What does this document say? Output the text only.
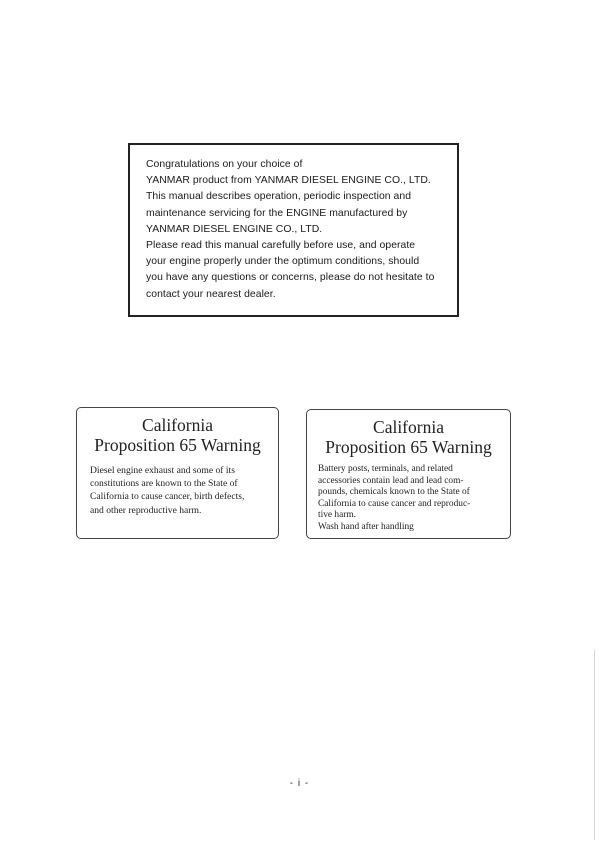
Congratulations on your choice of
YANMAR product from YANMAR DIESEL ENGINE CO., LTD.
This manual describes operation, periodic inspection and
maintenance servicing for the ENGINE manufactured by
YANMAR DIESEL ENGINE CO., LTD.
Please read this manual carefully before use, and operate
your engine properly under the optimum conditions, should
you have any questions or concerns, please do not hesitate to
contact your nearest dealer.

California
Proposition 65 Warning
Diesel engine exhaust and some of its
constitutions are known to the State of
California to cause cancer, birth defects,
and other reproductive harm.
California
Proposition 65 Warning
Battery posts, terminals, and related
accessories contain lead and lead com-
pounds, chemicals known to the State of
California to cause cancer and reproduc-
tive harm.
Wash hand after handling
- i -
